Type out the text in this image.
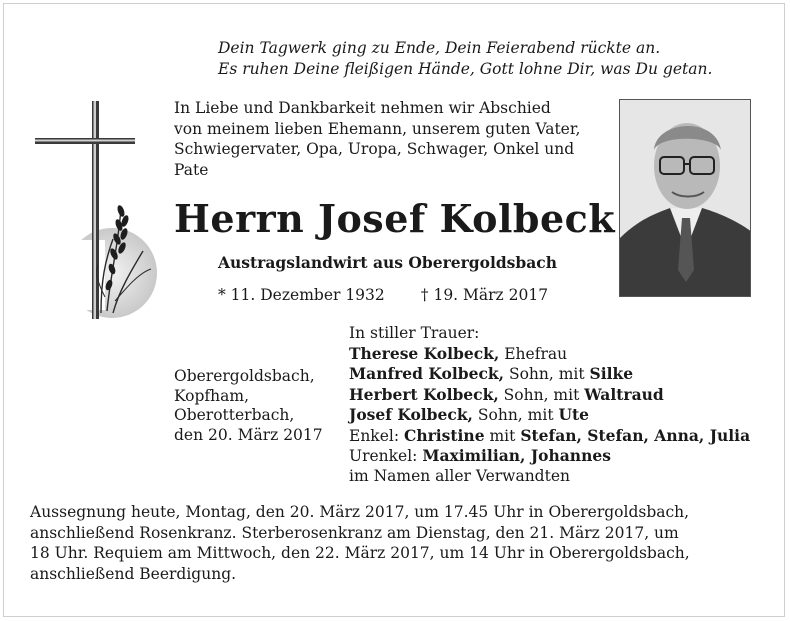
Dein Tagwerk ging zu Ende, Dein Feierabend rückte an.
Es ruhen Deine fleißigen Hände, Gott lohne Dir, was Du getan.
In Liebe und Dankbarkeit nehmen wir Abschied
von meinem lieben Ehemann, unserem guten Vater,
Schwiegervater, Opa, Uropa, Schwager, Onkel und
Pate
Herrn Josef Kolbeck
Austragslandwirt aus Oberergoldsbach
* 11. Dezember 1932 † 19. März 2017
Oberergoldsbach,
Kopfham,
Oberotterbach,
den 20. März 2017
In stiller Trauer:
Therese Kolbeck, Ehefrau
Manfred Kolbeck, Sohn, mit Silke
Herbert Kolbeck, Sohn, mit Waltraud
Josef Kolbeck, Sohn, mit Ute
Enkel: Christine mit Stefan, Stefan, Anna, Julia
Urenkel: Maximilian, Johannes
im Namen aller Verwandten
Aussegnung heute, Montag, den 20. März 2017, um 17.45 Uhr in Oberergoldsbach,
anschließend Rosenkranz. Sterberosenkranz am Dienstag, den 21. März 2017, um
18 Uhr. Requiem am Mittwoch, den 22. März 2017, um 14 Uhr in Oberergoldsbach,
anschließend Beerdigung.
